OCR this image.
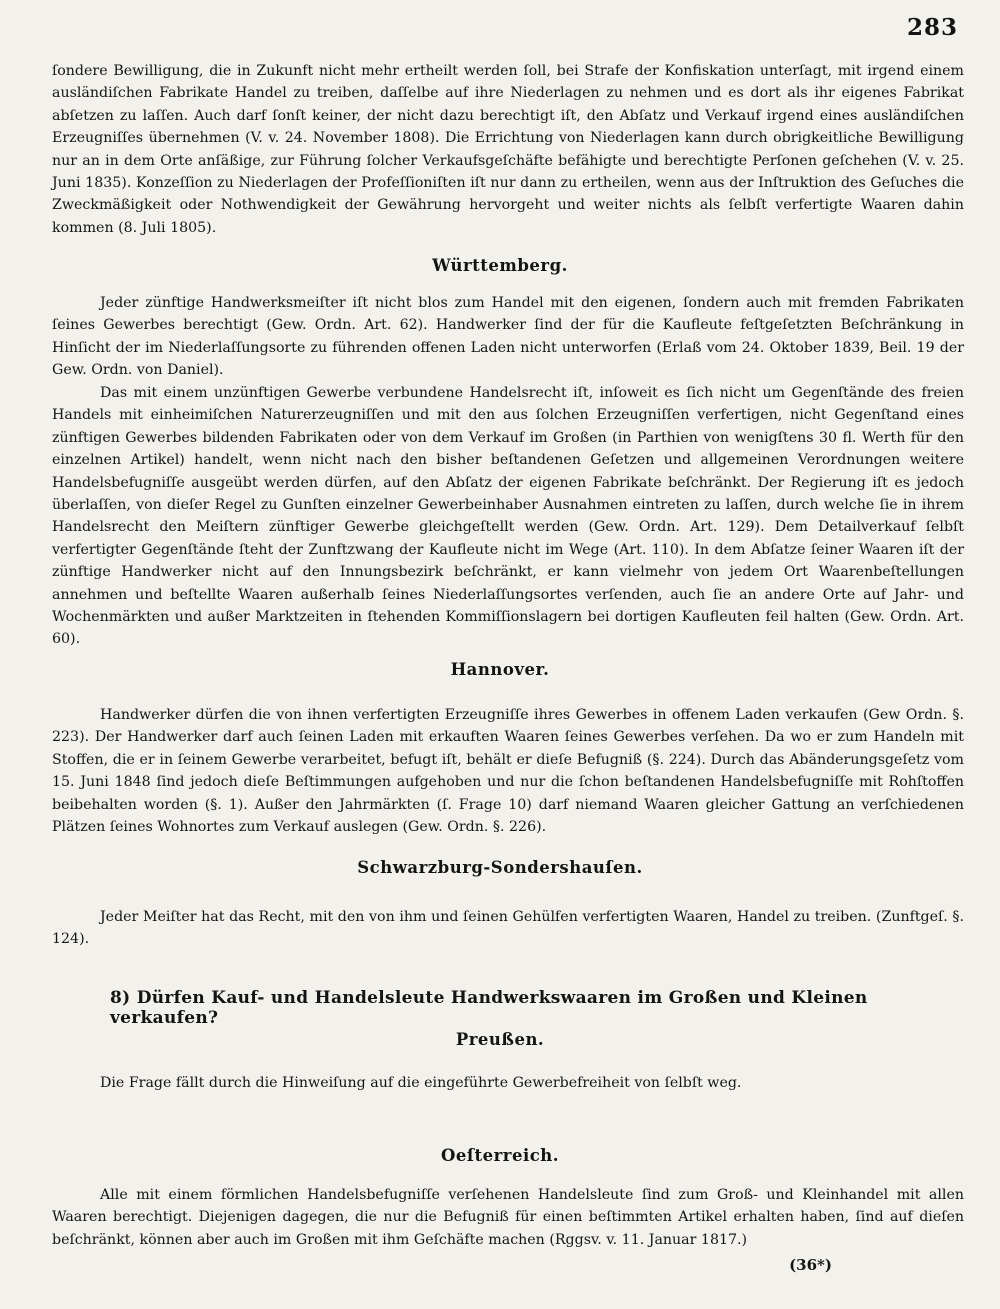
283

ſondere Bewilligung, die in Zukunft nicht mehr ertheilt werden ſoll, bei Strafe der Konfiskation unterſagt, mit irgend einem ausländiſchen Fabrikate Handel zu treiben, daſſelbe auf ihre Niederlagen zu nehmen und es dort als ihr eigenes Fabrikat abſetzen zu laſſen. Auch darf ſonſt keiner, der nicht dazu berechtigt iſt, den Abſatz und Verkauf irgend eines ausländiſchen Erzeugniſſes übernehmen (V. v. 24. November 1808). Die Errichtung von Niederlagen kann durch obrigkeitliche Bewilligung nur an in dem Orte anſäßige, zur Führung ſolcher Verkaufsgeſchäfte befähigte und berechtigte Perſonen geſchehen (V. v. 25. Juni 1835). Konzeſſion zu Niederlagen der Profeſſioniſten iſt nur dann zu ertheilen, wenn aus der Inſtruktion des Geſuches die Zweckmäßigkeit oder Nothwendigkeit der Gewährung hervorgeht und weiter nichts als ſelbſt verfertigte Waaren dahin kommen (8. Juli 1805).

Württemberg.

Jeder zünftige Handwerksmeiſter iſt nicht blos zum Handel mit den eigenen, ſondern auch mit fremden Fabrikaten ſeines Gewerbes berechtigt (Gew. Ordn. Art. 62). Handwerker ſind der für die Kaufleute feſtgeſetzten Beſchränkung in Hinſicht der im Niederlaſſungsorte zu führenden offenen Laden nicht unterworfen (Erlaß vom 24. Oktober 1839, Beil. 19 der Gew. Ordn. von Daniel).

Das mit einem unzünftigen Gewerbe verbundene Handelsrecht iſt, inſoweit es ſich nicht um Gegenſtände des freien Handels mit einheimiſchen Naturerzeugniſſen und mit den aus ſolchen Erzeugniſſen verfertigen, nicht Gegenſtand eines zünftigen Gewerbes bildenden Fabrikaten oder von dem Verkauf im Großen (in Parthien von wenigſtens 30 fl. Werth für den einzelnen Artikel) handelt, wenn nicht nach den bisher beſtandenen Geſetzen und allgemeinen Verordnungen weitere Handelsbefugniſſe ausgeübt werden dürfen, auf den Abſatz der eigenen Fabrikate beſchränkt. Der Regierung iſt es jedoch überlaſſen, von dieſer Regel zu Gunſten einzelner Gewerbeinhaber Ausnahmen eintreten zu laſſen, durch welche ſie in ihrem Handelsrecht den Meiſtern zünftiger Gewerbe gleichgeſtellt werden (Gew. Ordn. Art. 129). Dem Detailverkauf ſelbſt verfertigter Gegenſtände ſteht der Zunftzwang der Kaufleute nicht im Wege (Art. 110). In dem Abſatze ſeiner Waaren iſt der zünftige Handwerker nicht auf den Innungsbezirk beſchränkt, er kann vielmehr von jedem Ort Waarenbeſtellungen annehmen und beſtellte Waaren außerhalb ſeines Niederlaſſungsortes verſenden, auch ſie an andere Orte auf Jahr- und Wochenmärkten und außer Marktzeiten in ſtehenden Kommiſſionslagern bei dortigen Kaufleuten feil halten (Gew. Ordn. Art. 60).

Hannover.

Handwerker dürfen die von ihnen verfertigten Erzeugniſſe ihres Gewerbes in offenem Laden verkaufen (Gew Ordn. §. 223). Der Handwerker darf auch ſeinen Laden mit erkauften Waaren ſeines Gewerbes verſehen. Da wo er zum Handeln mit Stoffen, die er in ſeinem Gewerbe verarbeitet, befugt iſt, behält er dieſe Befugniß (§. 224). Durch das Abänderungsgeſetz vom 15. Juni 1848 ſind jedoch dieſe Beſtimmungen aufgehoben und nur die ſchon beſtandenen Handelsbefugniſſe mit Rohſtoffen beibehalten worden (§. 1). Außer den Jahrmärkten (ſ. Frage 10) darf niemand Waaren gleicher Gattung an verſchiedenen Plätzen ſeines Wohnortes zum Verkauf auslegen (Gew. Ordn. §. 226).

Schwarzburg-Sondershauſen.

Jeder Meiſter hat das Recht, mit den von ihm und ſeinen Gehülfen verfertigten Waaren, Handel zu treiben. (Zunftgeſ. §. 124).

8) Dürfen Kauf- und Handelsleute Handwerkswaaren im Großen und Kleinen verkaufen?
Preußen.

Die Frage fällt durch die Hinweiſung auf die eingeführte Gewerbefreiheit von ſelbſt weg.

Oeſterreich.

Alle mit einem förmlichen Handelsbefugniſſe verſehenen Handelsleute ſind zum Groß- und Kleinhandel mit allen Waaren berechtigt. Diejenigen dagegen, die nur die Befugniß für einen beſtimmten Artikel erhalten haben, ſind auf dieſen beſchränkt, können aber auch im Großen mit ihm Geſchäfte machen (Rggsv. v. 11. Januar 1817.)

(36*)
